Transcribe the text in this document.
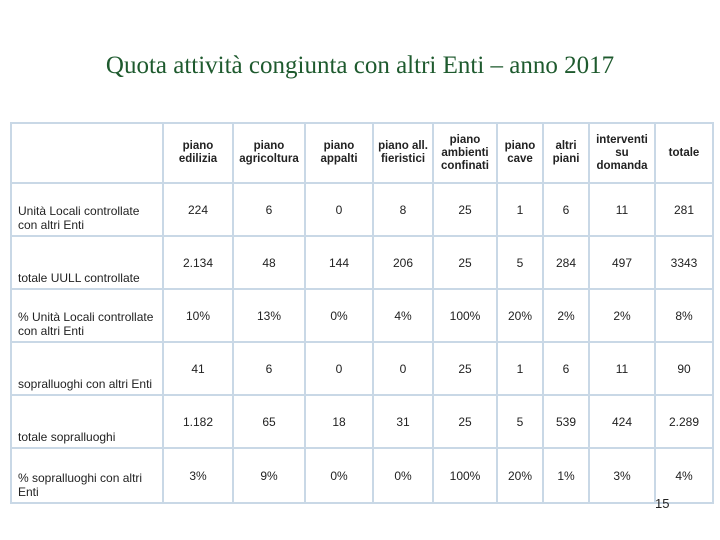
Quota attività congiunta con altri Enti – anno 2017
	piano edilizia	piano agricoltura	piano appalti	piano all. fieristici	piano ambienti confinati	piano cave	altri piani	interventi su domanda	totale
Unità Locali controllate con altri Enti	224	6	0	8	25	1	6	11	281
totale UULL controllate	2.134	48	144	206	25	5	284	497	3343
% Unità Locali controllate con altri Enti	10%	13%	0%	4%	100%	20%	2%	2%	8%
sopralluoghi con altri Enti	41	6	0	0	25	1	6	11	90
totale sopralluoghi	1.182	65	18	31	25	5	539	424	2.289
% sopralluoghi con altri Enti	3%	9%	0%	0%	100%	20%	1%	3%	4%
15
